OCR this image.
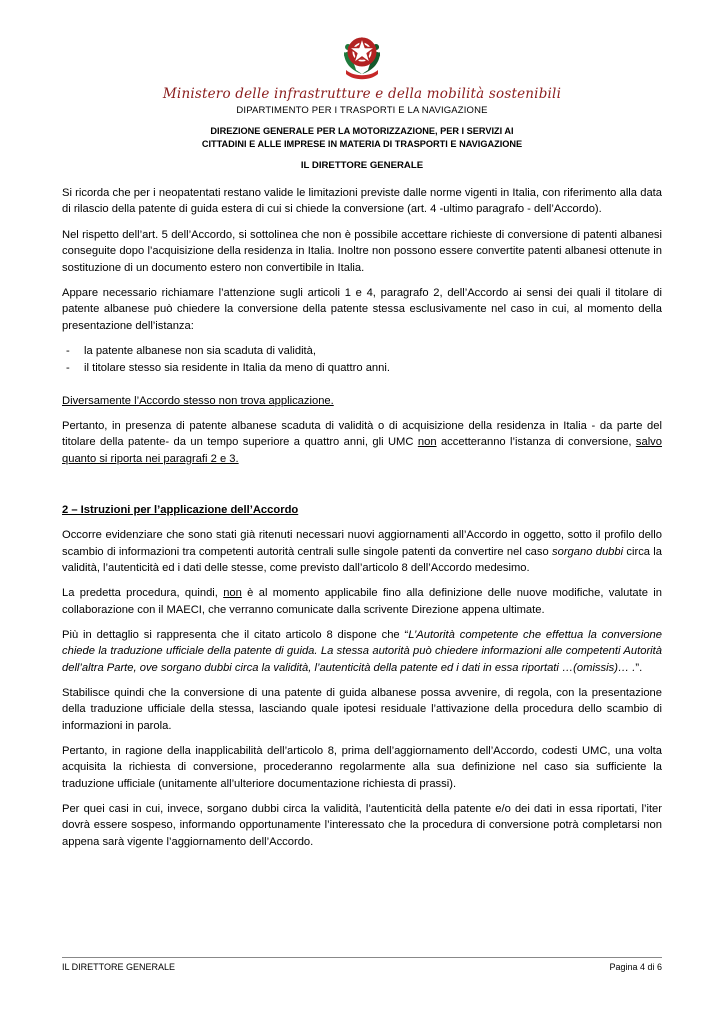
Ministero delle infrastrutture e della mobilità sostenibili
DIPARTIMENTO PER I TRASPORTI E LA NAVIGAZIONE
DIREZIONE GENERALE PER LA MOTORIZZAZIONE, PER I SERVIZI AI
CITTADINI E ALLE IMPRESE IN MATERIA DI TRASPORTI E NAVIGAZIONE
IL DIRETTORE GENERALE

Si ricorda che per i neopatentati restano valide le limitazioni previste dalle norme vigenti in Italia, con riferimento alla data di rilascio della patente di guida estera di cui si chiede la conversione (art. 4 -ultimo paragrafo - dell’Accordo).

Nel rispetto dell’art. 5 dell’Accordo, si sottolinea che non è possibile accettare richieste di conversione di patenti albanesi conseguite dopo l’acquisizione della residenza in Italia. Inoltre non possono essere convertite patenti albanesi ottenute in sostituzione di un documento estero non convertibile in Italia.

Appare necessario richiamare l’attenzione sugli articoli 1 e 4, paragrafo 2, dell’Accordo ai sensi dei quali il titolare di patente albanese può chiedere la conversione della patente stessa esclusivamente nel caso in cui, al momento della presentazione dell’istanza:

-	la patente albanese non sia scaduta di validità,
-	il titolare stesso sia residente in Italia da meno di quattro anni.

Diversamente l’Accordo stesso non trova applicazione.

Pertanto, in presenza di patente albanese scaduta di validità o di acquisizione della residenza in Italia - da parte del titolare della patente- da un tempo superiore a quattro anni, gli UMC non accetteranno l’istanza di conversione, salvo quanto si riporta nei paragrafi 2 e 3.

2 – Istruzioni per l’applicazione dell’Accordo

Occorre evidenziare che sono stati già ritenuti necessari nuovi aggiornamenti all’Accordo in oggetto, sotto il profilo dello scambio di informazioni tra competenti autorità centrali sulle singole patenti da convertire nel caso sorgano dubbi circa la validità, l’autenticità ed i dati delle stesse, come previsto dall’articolo 8 dell’Accordo medesimo.

La predetta procedura, quindi, non è al momento applicabile fino alla definizione delle nuove modifiche, valutate in collaborazione con il MAECI, che verranno comunicate dalla scrivente Direzione appena ultimate.

Più in dettaglio si rappresenta che il citato articolo 8 dispone che “L’Autorità competente che effettua la conversione chiede la traduzione ufficiale della patente di guida. La stessa autorità può chiedere informazioni alle competenti Autorità dell’altra Parte, ove sorgano dubbi circa la validità, l’autenticità della patente ed i dati in essa riportati …(omissis)… .”.

Stabilisce quindi che la conversione di una patente di guida albanese possa avvenire, di regola, con la presentazione della traduzione ufficiale della stessa, lasciando quale ipotesi residuale l’attivazione della procedura dello scambio di informazioni in parola.

Pertanto, in ragione della inapplicabilità dell’articolo 8, prima dell’aggiornamento dell’Accordo, codesti UMC, una volta acquisita la richiesta di conversione, procederanno regolarmente alla sua definizione nel caso sia sufficiente la traduzione ufficiale (unitamente all’ulteriore documentazione richiesta di prassi).

Per quei casi in cui, invece, sorgano dubbi circa la validità, l’autenticità della patente e/o dei dati in essa riportati, l’iter dovrà essere sospeso, informando opportunamente l’interessato che la procedura di conversione potrà completarsi non appena sarà vigente l’aggiornamento dell’Accordo.

IL DIRETTORE GENERALE	Pagina 4 di 6
